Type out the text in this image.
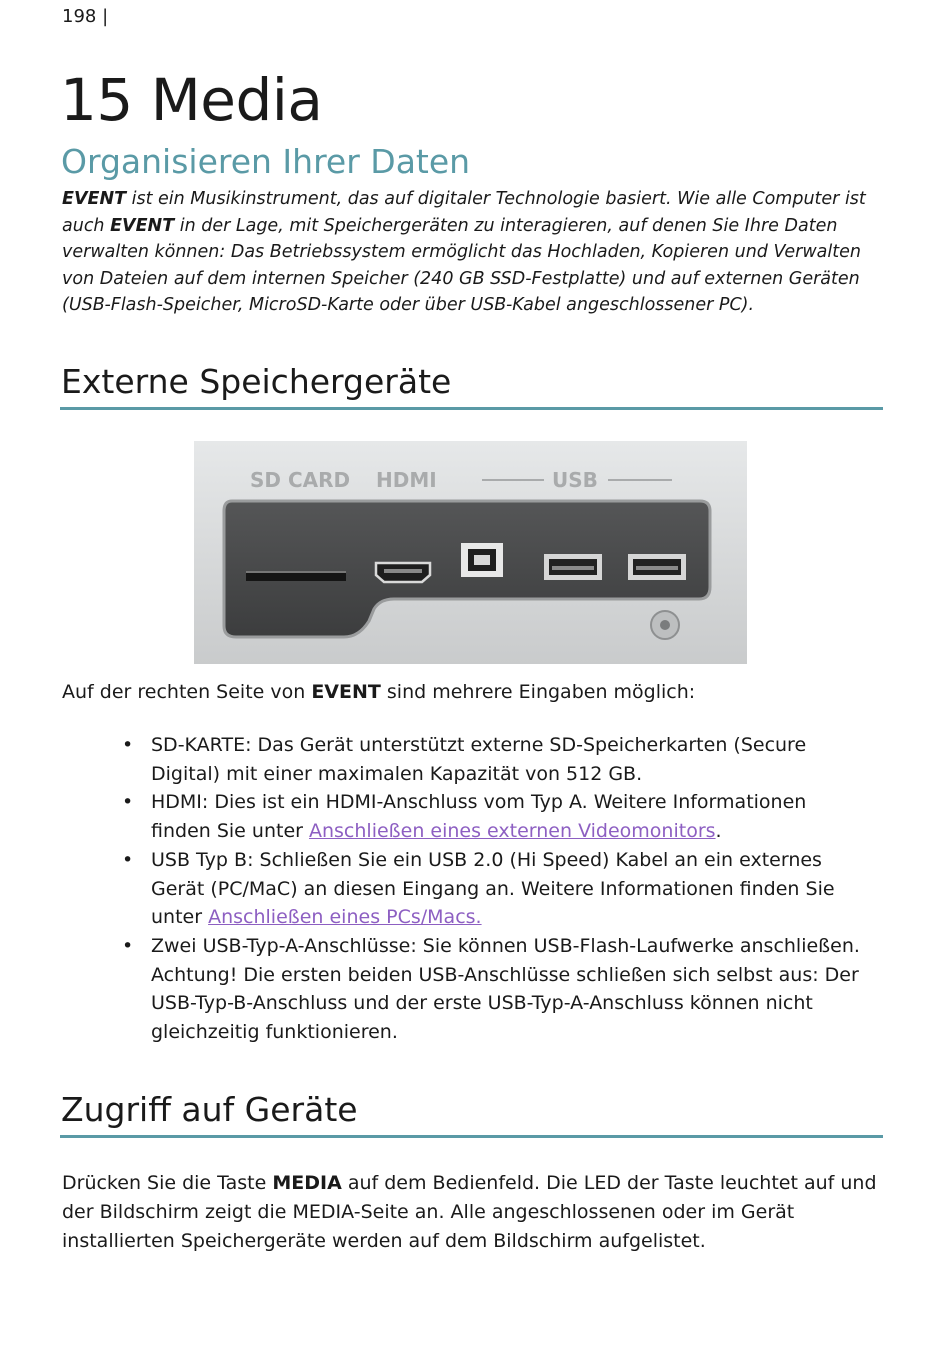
198 |
15 Media
Organisieren Ihrer Daten

EVENT ist ein Musikinstrument, das auf digitaler Technologie basiert. Wie alle Computer ist auch EVENT in der Lage, mit Speichergeräten zu interagieren, auf denen Sie Ihre Daten verwalten können: Das Betriebssystem ermöglicht das Hochladen, Kopieren und Verwalten von Dateien auf dem internen Speicher (240 GB SSD-Festplatte) und auf externen Geräten (USB-Flash-Speicher, MicroSD-Karte oder über USB-Kabel angeschlossener PC).

Externe Speichergeräte
SD CARD HDMI	USB

Auf der rechten Seite von EVENT sind mehrere Eingaben möglich:

• SD-KARTE: Das Gerät unterstützt externe SD-Speicherkarten (Secure Digital) mit einer maximalen Kapazität von 512 GB.
• HDMI: Dies ist ein HDMI-Anschluss vom Typ A. Weitere Informationen finden Sie unter Anschließen eines externen Videomonitors.
• USB Typ B: Schließen Sie ein USB 2.0 (Hi Speed) Kabel an ein externes Gerät (PC/MaC) an diesen Eingang an. Weitere Informationen finden Sie unter Anschließen eines PCs/Macs.
• Zwei USB-Typ-A-Anschlüsse: Sie können USB-Flash-Laufwerke anschließen. Achtung! Die ersten beiden USB-Anschlüsse schließen sich selbst aus: Der USB-Typ-B-Anschluss und der erste USB-Typ-A-Anschluss können nicht gleichzeitig funktionieren.
Zugriff auf Geräte

Drücken Sie die Taste MEDIA auf dem Bedienfeld. Die LED der Taste leuchtet auf und der Bildschirm zeigt die MEDIA-Seite an. Alle angeschlossenen oder im Gerät installierten Speichergeräte werden auf dem Bildschirm aufgelistet.
